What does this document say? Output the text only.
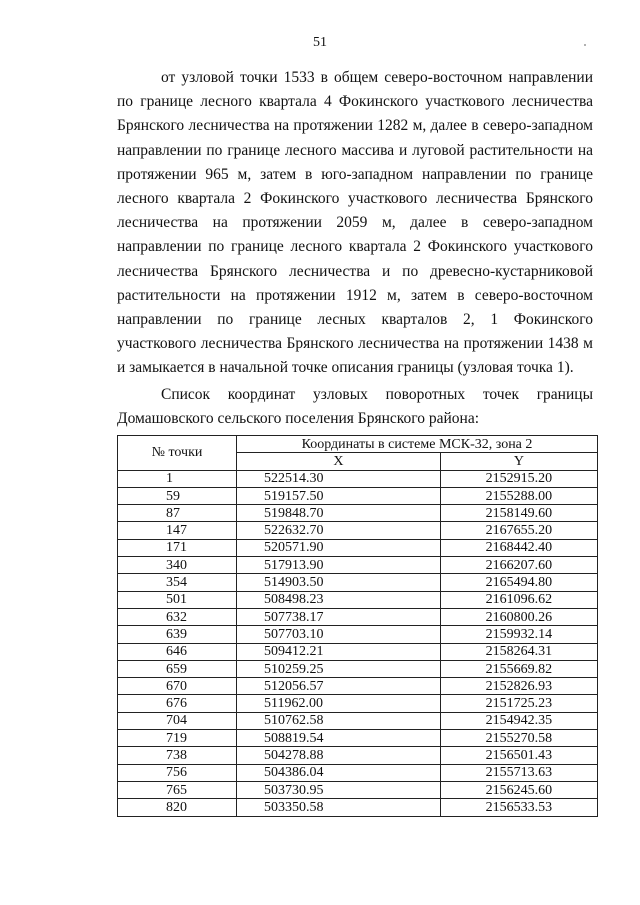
51
от узловой точки 1533 в общем северо-восточном направлении по границе лесного квартала 4 Фокинского участкового лесничества Брянского лесничества на протяжении 1282 м, далее в северо-западном направлении по границе лесного массива и луговой растительности на протяжении 965 м, затем в юго-западном направлении по границе лесного квартала 2 Фокинского участкового лесничества Брянского лесничества на протяжении 2059 м, далее в северо-западном направлении по границе лесного квартала 2 Фокинского участкового лесничества Брянского лесничества и по древесно-кустарниковой растительности на протяжении 1912 м, затем в северо-восточном направлении по границе лесных кварталов 2, 1 Фокинского участкового лесничества Брянского лесничества на протяжении 1438 м и замыкается в начальной точке описания границы (узловая точка 1).
Список координат узловых поворотных точек границы Домашовского сельского поселения Брянского района:
№ точки	Координаты в системе МСК-32, зона 2	
	X	Y
1	522514.30	2152915.20
59	519157.50	2155288.00
87	519848.70	2158149.60
147	522632.70	2167655.20
171	520571.90	2168442.40
340	517913.90	2166207.60
354	514903.50	2165494.80
501	508498.23	2161096.62
632	507738.17	2160800.26
639	507703.10	2159932.14
646	509412.21	2158264.31
659	510259.25	2155669.82
670	512056.57	2152826.93
676	511962.00	2151725.23
704	510762.58	2154942.35
719	508819.54	2155270.58
738	504278.88	2156501.43
756	504386.04	2155713.63
765	503730.95	2156245.60
820	503350.58	2156533.53
